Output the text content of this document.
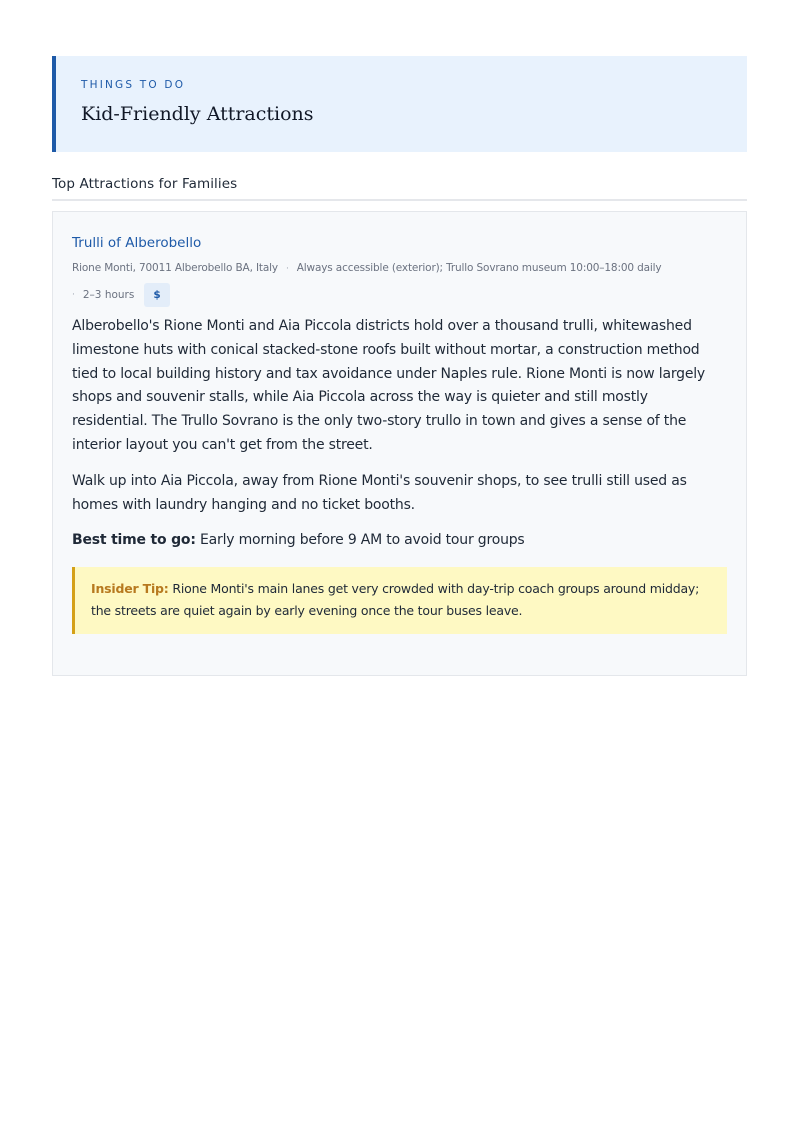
THINGS TO DO
Kid-Friendly Attractions
Top Attractions for Families
Trulli of Alberobello
Rione Monti, 70011 Alberobello BA, Italy · Always accessible (exterior); Trullo Sovrano museum 10:00–18:00 daily
· 2–3 hours	$
Alberobello's Rione Monti and Aia Piccola districts hold over a thousand trulli, whitewashed limestone huts with conical stacked-stone roofs built without mortar, a construction method tied to local building history and tax avoidance under Naples rule. Rione Monti is now largely shops and souvenir stalls, while Aia Piccola across the way is quieter and still mostly residential. The Trullo Sovrano is the only two-story trullo in town and gives a sense of the interior layout you can't get from the street.
Walk up into Aia Piccola, away from Rione Monti's souvenir shops, to see trulli still used as homes with laundry hanging and no ticket booths.
Best time to go: Early morning before 9 AM to avoid tour groups
Insider Tip: Rione Monti's main lanes get very crowded with day-trip coach groups around midday; the streets are quiet again by early evening once the tour buses leave.
